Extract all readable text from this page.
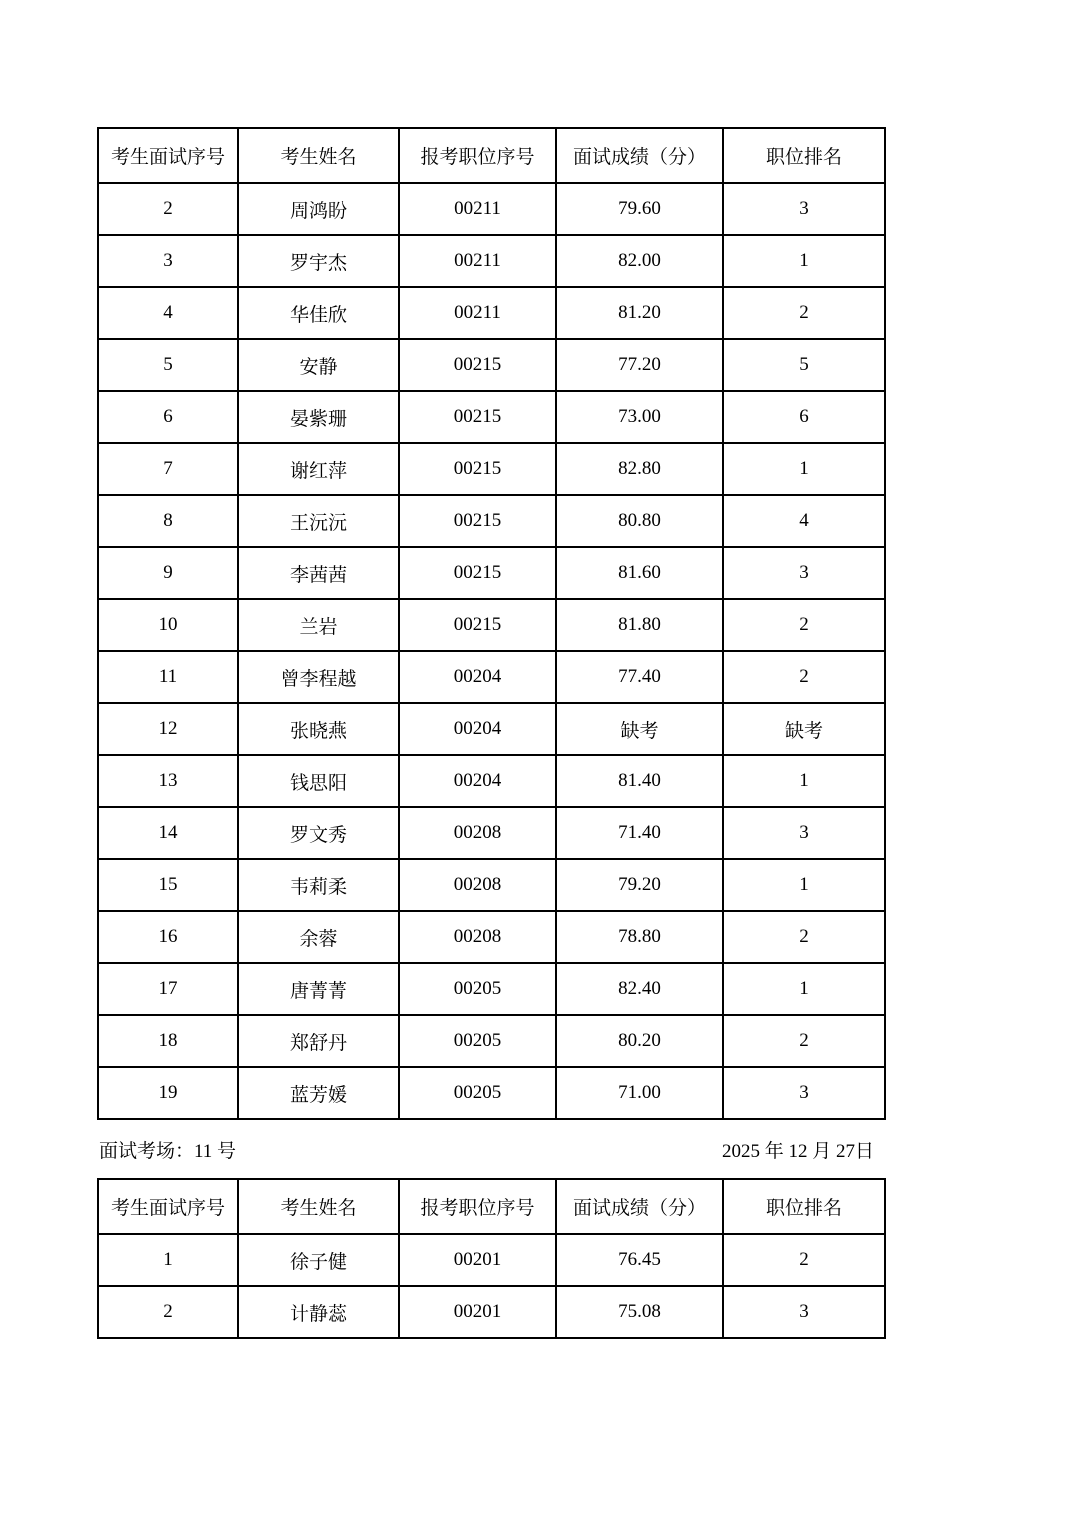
考生面试序号	考生姓名	报考职位序号	面试成绩（分）	职位排名
2	周鸿盼	00211	79.60	3
3	罗宇杰	00211	82.00	1
4	华佳欣	00211	81.20	2
5	安静	00215	77.20	5
6	晏紫珊	00215	73.00	6
7	谢红萍	00215	82.80	1
8	王沅沅	00215	80.80	4
9	李茜茜	00215	81.60	3
10	兰岩	00215	81.80	2
11	曾李程越	00204	77.40	2
12	张晓燕	00204	缺考	缺考
13	钱思阳	00204	81.40	1
14	罗文秀	00208	71.40	3
15	韦莉柔	00208	79.20	1
16	余蓉	00208	78.80	2
17	唐菁菁	00205	82.40	1
18	郑舒丹	00205	80.20	2
19	蓝芳媛	00205	71.00	3
面试考场：11 号	2025 年 12 月 27日
考生面试序号	考生姓名	报考职位序号	面试成绩（分）	职位排名
1	徐子健	00201	76.45	2
2	计静蕊	00201	75.08	3
